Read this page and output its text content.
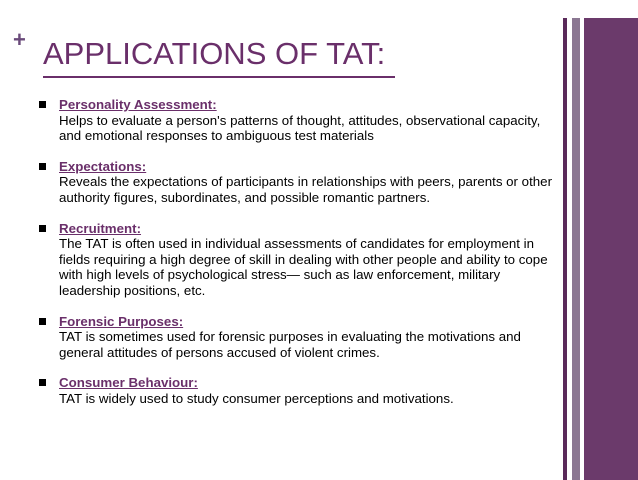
+ APPLICATIONS OF TAT:
Personality Assessment:
Helps to evaluate a person's patterns of thought, attitudes, observational capacity, and emotional responses to ambiguous test materials
Expectations:
Reveals the expectations of participants in relationships with peers, parents or other authority figures, subordinates, and possible romantic partners.
Recruitment:
The TAT is often used in individual assessments of candidates for employment in fields requiring a high degree of skill in dealing with other people and ability to cope with high levels of psychological stress— such as law enforcement, military leadership positions, etc.
Forensic Purposes:
TAT is sometimes used for forensic purposes in evaluating the motivations and general attitudes of persons accused of violent crimes.
Consumer Behaviour:
TAT is widely used to study consumer perceptions and motivations.
